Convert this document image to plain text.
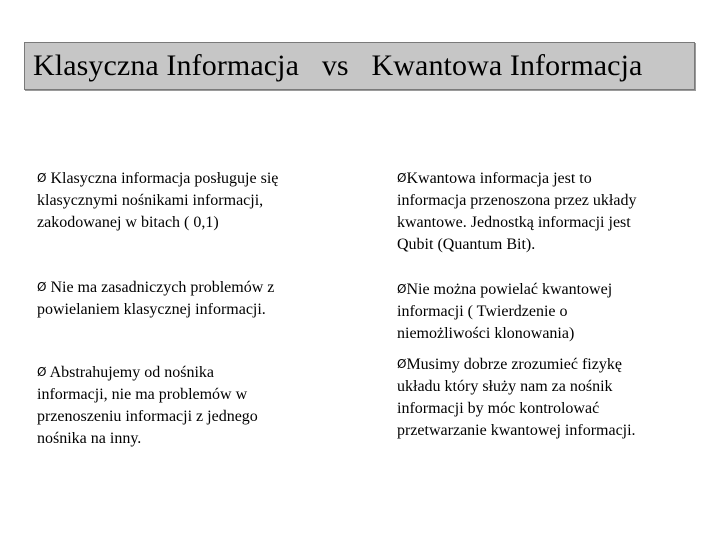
Klasyczna Informacja   vs   Kwantowa Informacja

Ø Klasyczna informacja posługuje się
klasycznymi nośnikami informacji,
zakodowanej w bitach ( 0,1)

Ø Nie ma zasadniczych problemów z
powielaniem klasycznej informacji.

Ø Abstrahujemy od nośnika
informacji, nie ma problemów w
przenoszeniu informacji z jednego
nośnika na inny.

ØKwantowa informacja jest to
informacja przenoszona przez układy
kwantowe. Jednostką informacji jest
Qubit (Quantum Bit).

ØNie można powielać kwantowej
informacji ( Twierdzenie o
niemożliwości klonowania)

ØMusimy dobrze zrozumieć fizykę
układu który służy nam za nośnik
informacji by móc kontrolować
przetwarzanie kwantowej informacji.
